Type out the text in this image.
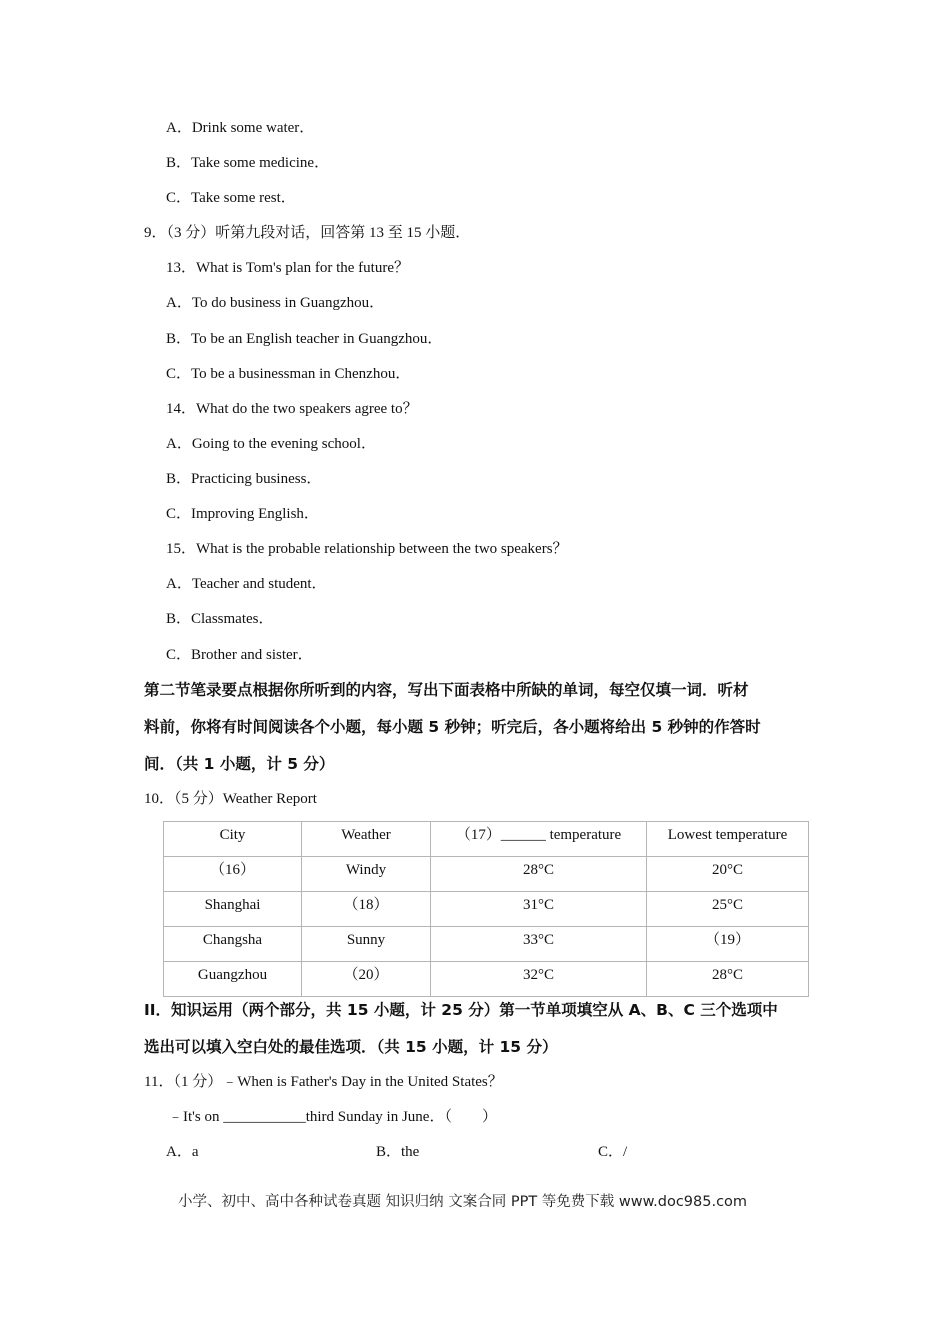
A．Drink some water．
B．Take some medicine．
C．Take some rest．
9．（3 分）听第九段对话，回答第 13 至 15 小题．
13．What is Tom's plan for the future？
A．To do business in Guangzhou．
B．To be an English teacher in Guangzhou．
C．To be a businessman in Chenzhou．
14．What do the two speakers agree to？
A．Going to the evening school．
B．Practicing business．
C．Improving English．
15．What is the probable relationship between the two speakers？
A．Teacher and student．
B．Classmates．
C．Brother and sister．
第二节笔录要点根据你所听到的内容，写出下面表格中所缺的单词，每空仅填一词．听材
料前，你将有时间阅读各个小题，每小题 5 秒钟；听完后，各小题将给出 5 秒钟的作答时
间．（共 1 小题，计 5 分）
10．（5 分）Weather Report
City	Weather	（17）______ temperature	Lowest temperature
（16）	Windy	28°C	20°C
Shanghai	（18）	31°C	25°C
Changsha	Sunny	33°C	（19）
Guangzhou	（20）	32°C	28°C
II．知识运用（两个部分，共 15 小题，计 25 分）第一节单项填空从 A、B、C 三个选项中
选出可以填入空白处的最佳选项．（共 15 小题，计 15 分）
11．（1 分）﹣When is Father's Day in the United States？
﹣It's on ___________third Sunday in June．（　　）
A．a	B．the	C．/
小学、初中、高中各种试卷真题 知识归纳 文案合同 PPT 等免费下载 www.doc985.com
